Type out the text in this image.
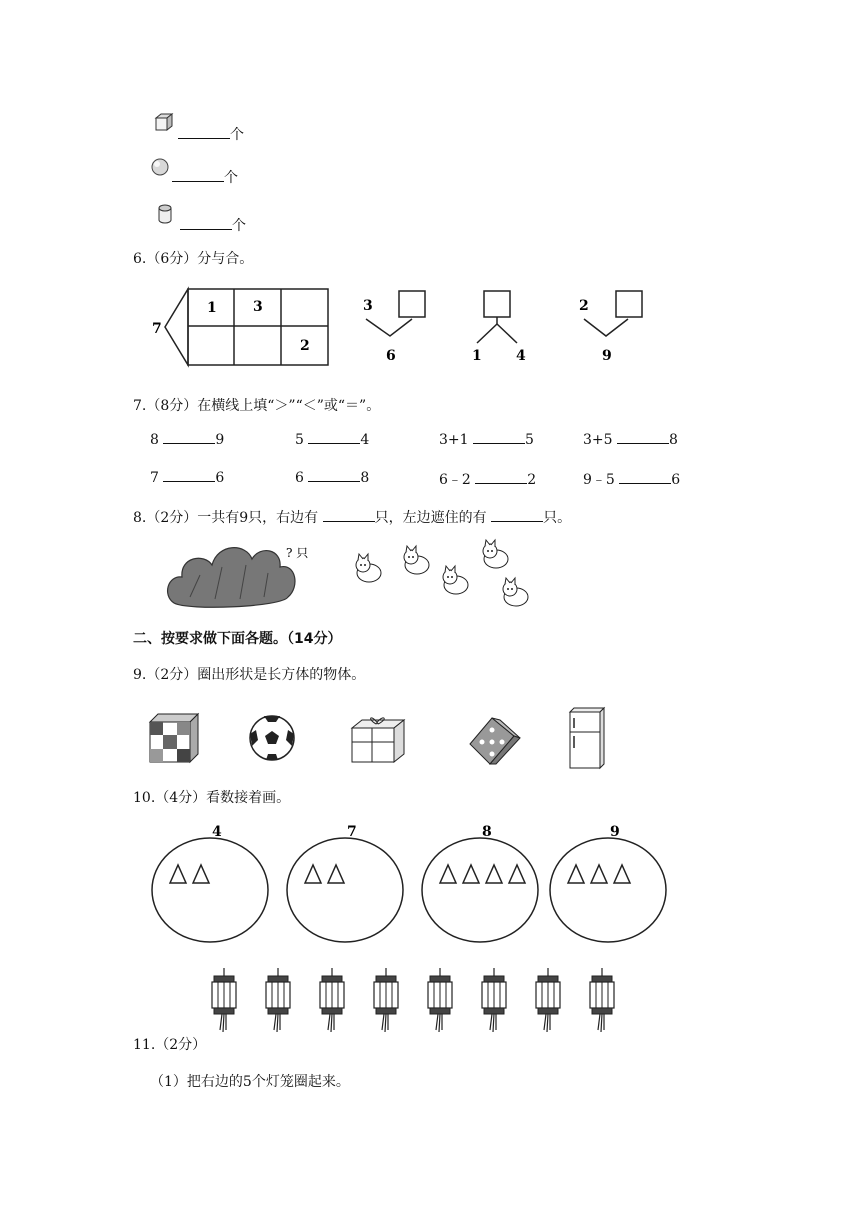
个
个
个
6.（6分）分与合。
7
1	3
2
3
6	1 4
2
9
7.（8分）在横线上填“＞”“＜”或“＝”。
8	9	5	4	3+1	5	3+5	8
7	6	6	8	6﹣2	2	9﹣5	6
8.（2分）一共有9只，右边有	只，左边遮住的有	只。
? 只
二、按要求做下面各题。（14分）
9.（2分）圈出形状是长方体的物体。
10.（4分）看数接着画。
4	7	8	9
11.（2分）
（1）把右边的5个灯笼圈起来。
